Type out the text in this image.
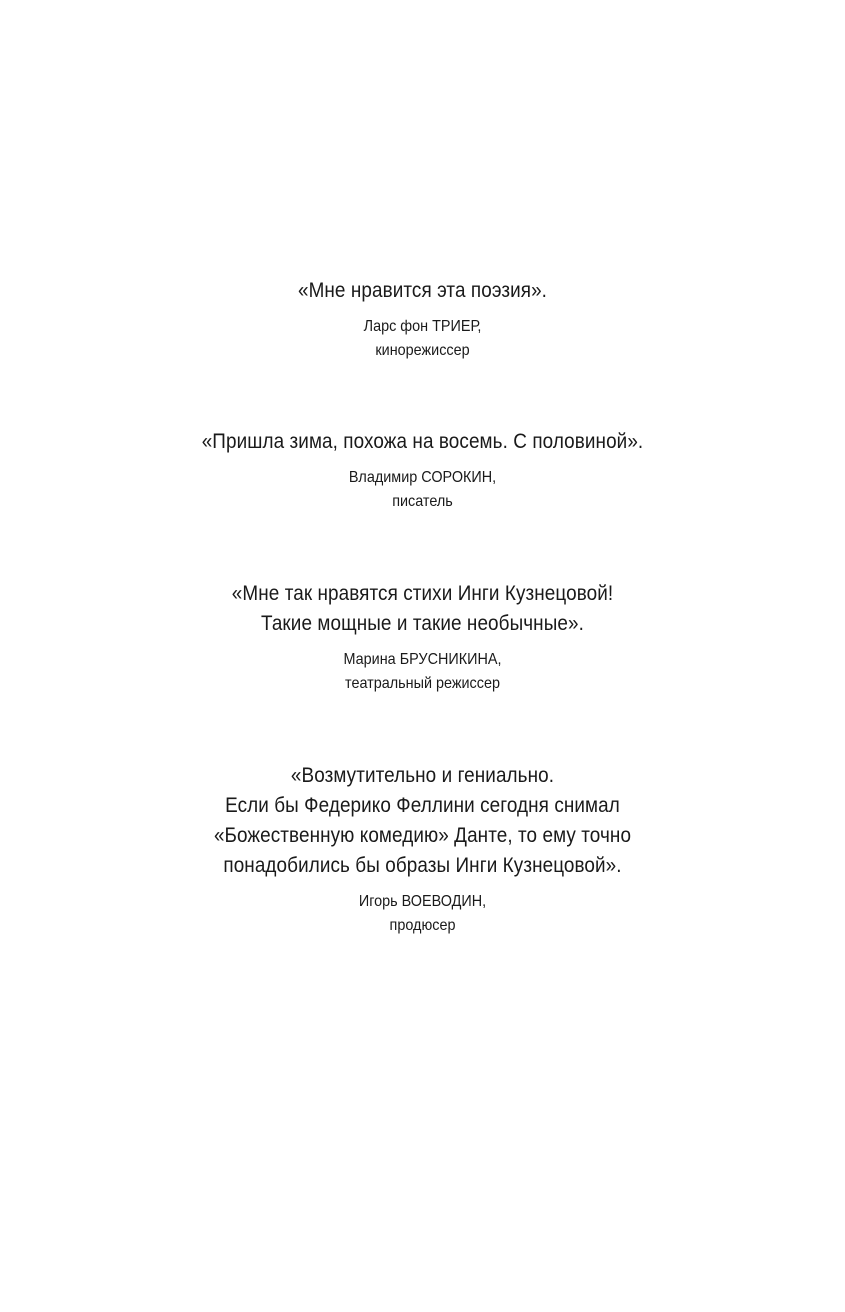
«Мне нравится эта поэзия».
Ларс фон ТРИЕР,
кинорежиссер
«Пришла зима, похожа на восемь. С половиной».
Владимир СОРОКИН,
писатель
«Мне так нравятся стихи Инги Кузнецовой!
Такие мощные и такие необычные».
Марина БРУСНИКИНА,
театральный режиссер
«Возмутительно и гениально.
Если бы Федерико Феллини сегодня снимал
«Божественную комедию» Данте, то ему точно
понадобились бы образы Инги Кузнецовой».
Игорь ВОЕВОДИН,
продюсер
